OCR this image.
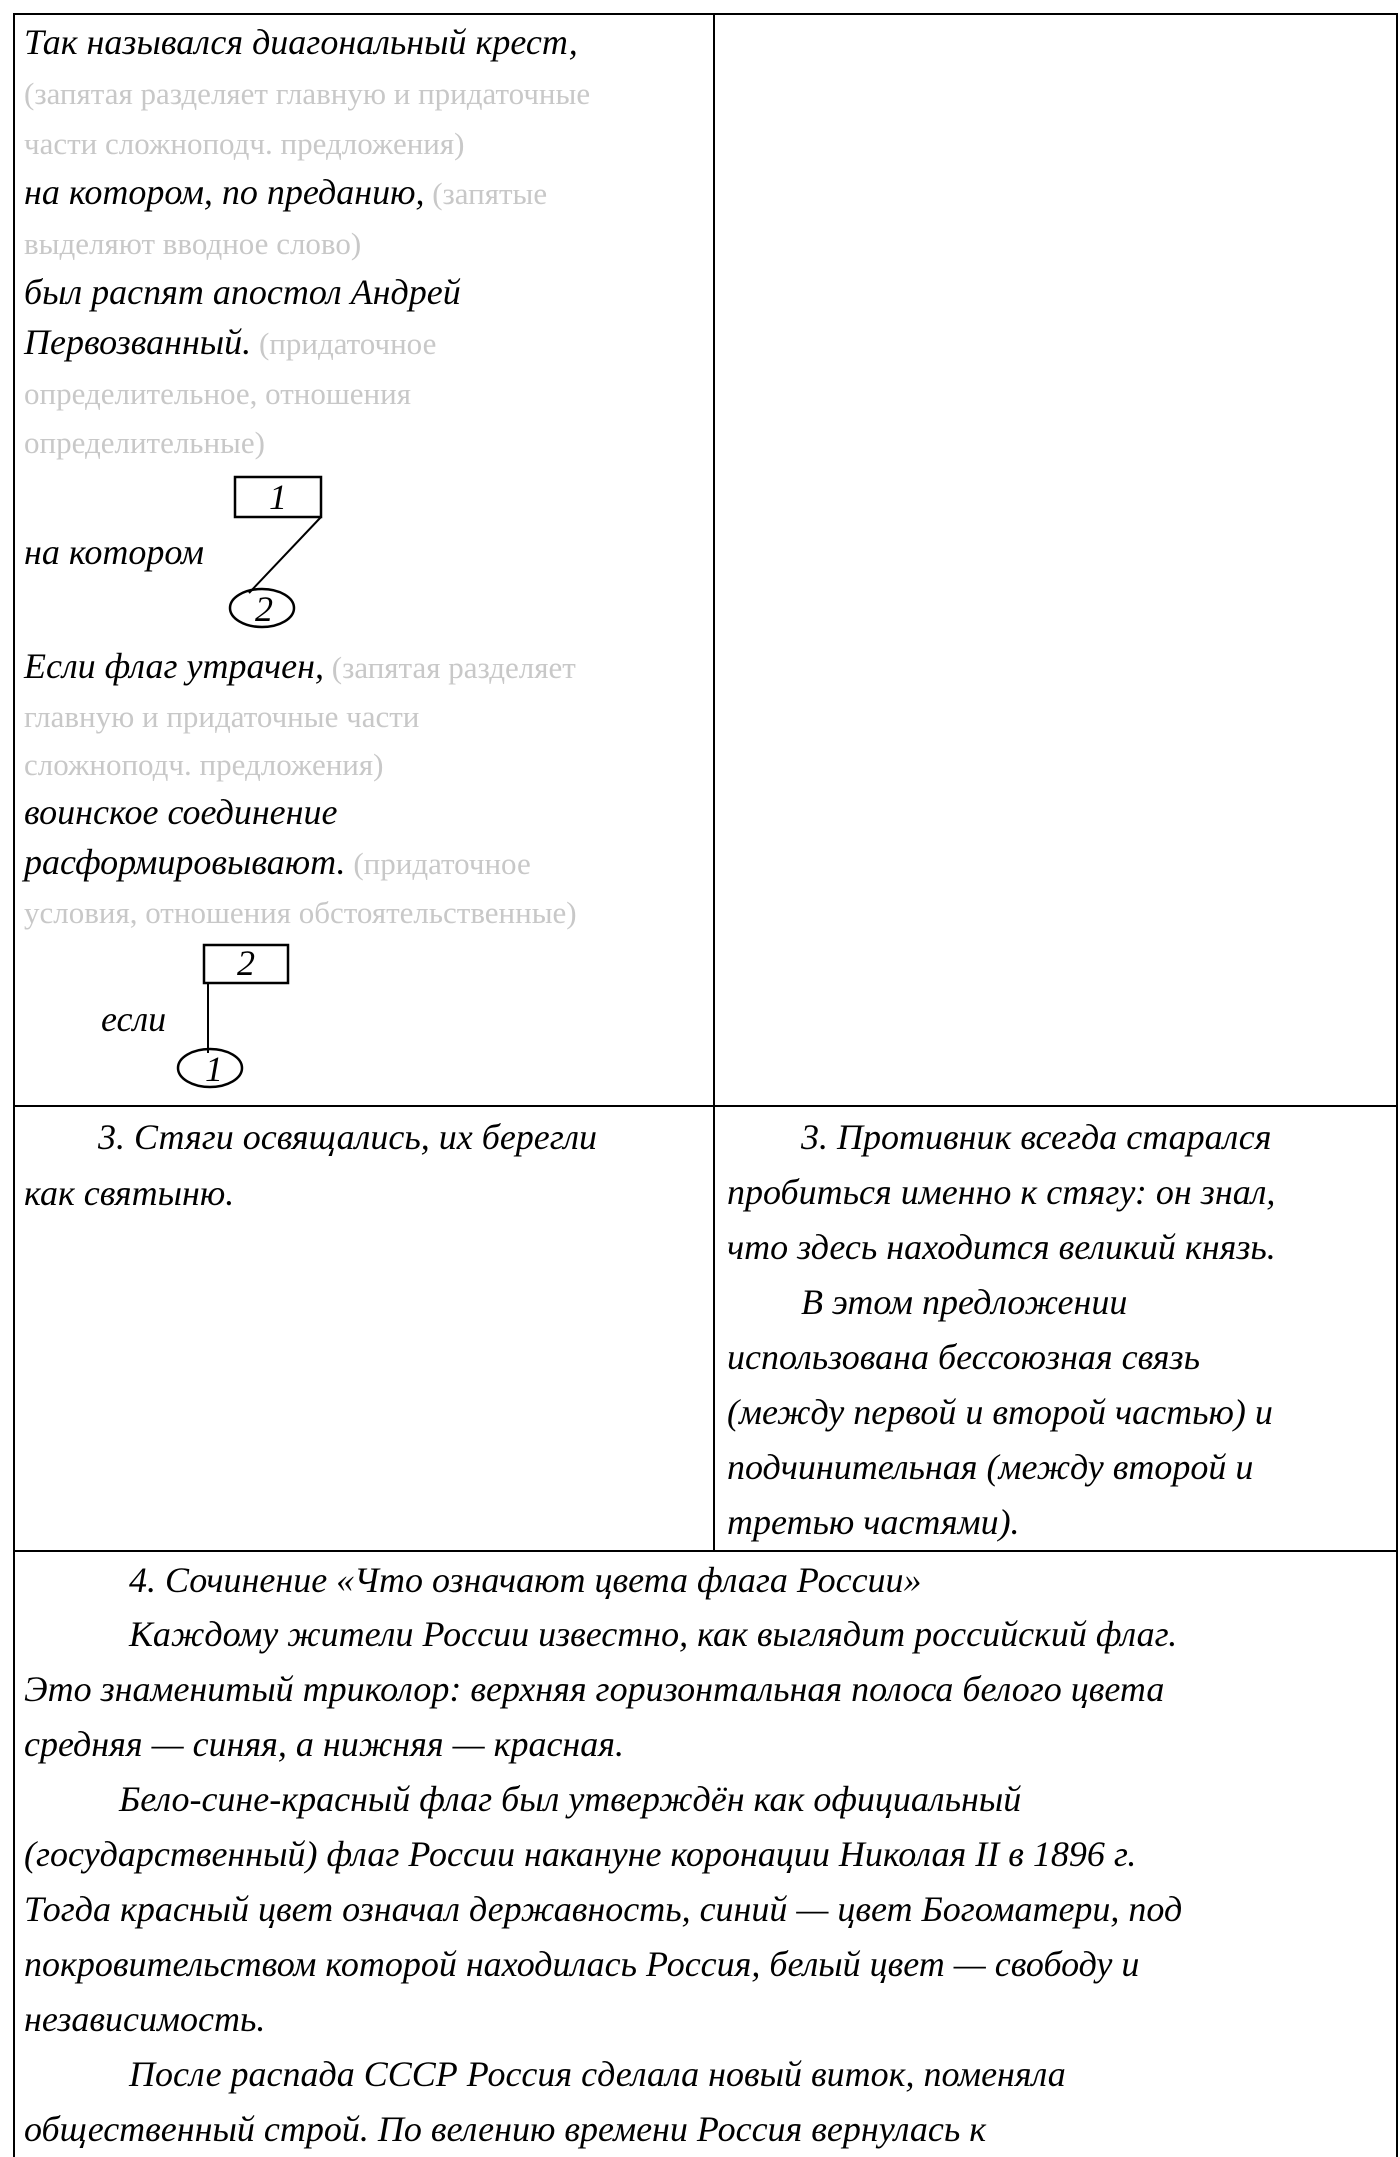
Так назывался диагональный крест,
(запятая разделяет главную и придаточные
части сложноподч. предложения)
на котором, по преданию, (запятые
выделяют вводное слово)
был распят апостол Андрей
Первозванный. (придаточное
определительное, отношения
определительные)
1
на котором
2
Если флаг утрачен, (запятая разделяет
главную и придаточные части
сложноподч. предложения)
воинское соединение
расформировывают. (придаточное
условия, отношения обстоятельственные)
2
если
1
3. Стяги освящались, их берегли
как святыню.
3. Противник всегда старался
пробиться именно к стягу: он знал,
что здесь находится великий князь.
В этом предложении
использована бессоюзная связь
(между первой и второй частью) и
подчинительная (между второй и
третью частями).
4. Сочинение «Что означают цвета флага России»
Каждому жители России известно, как выглядит российский флаг.
Это знаменитый триколор: верхняя горизонтальная полоса белого цвета
средняя — синяя, а нижняя — красная.
Бело-сине-красный флаг был утверждён как официальный
(государственный) флаг России накануне коронации Николая II в 1896 г.
Тогда красный цвет означал державность, синий — цвет Богоматери, под
покровительством которой находилась Россия, белый цвет — свободу и
независимость.
После распада СССР Россия сделала новый виток, поменяла
общественный строй. По велению времени Россия вернулась к
